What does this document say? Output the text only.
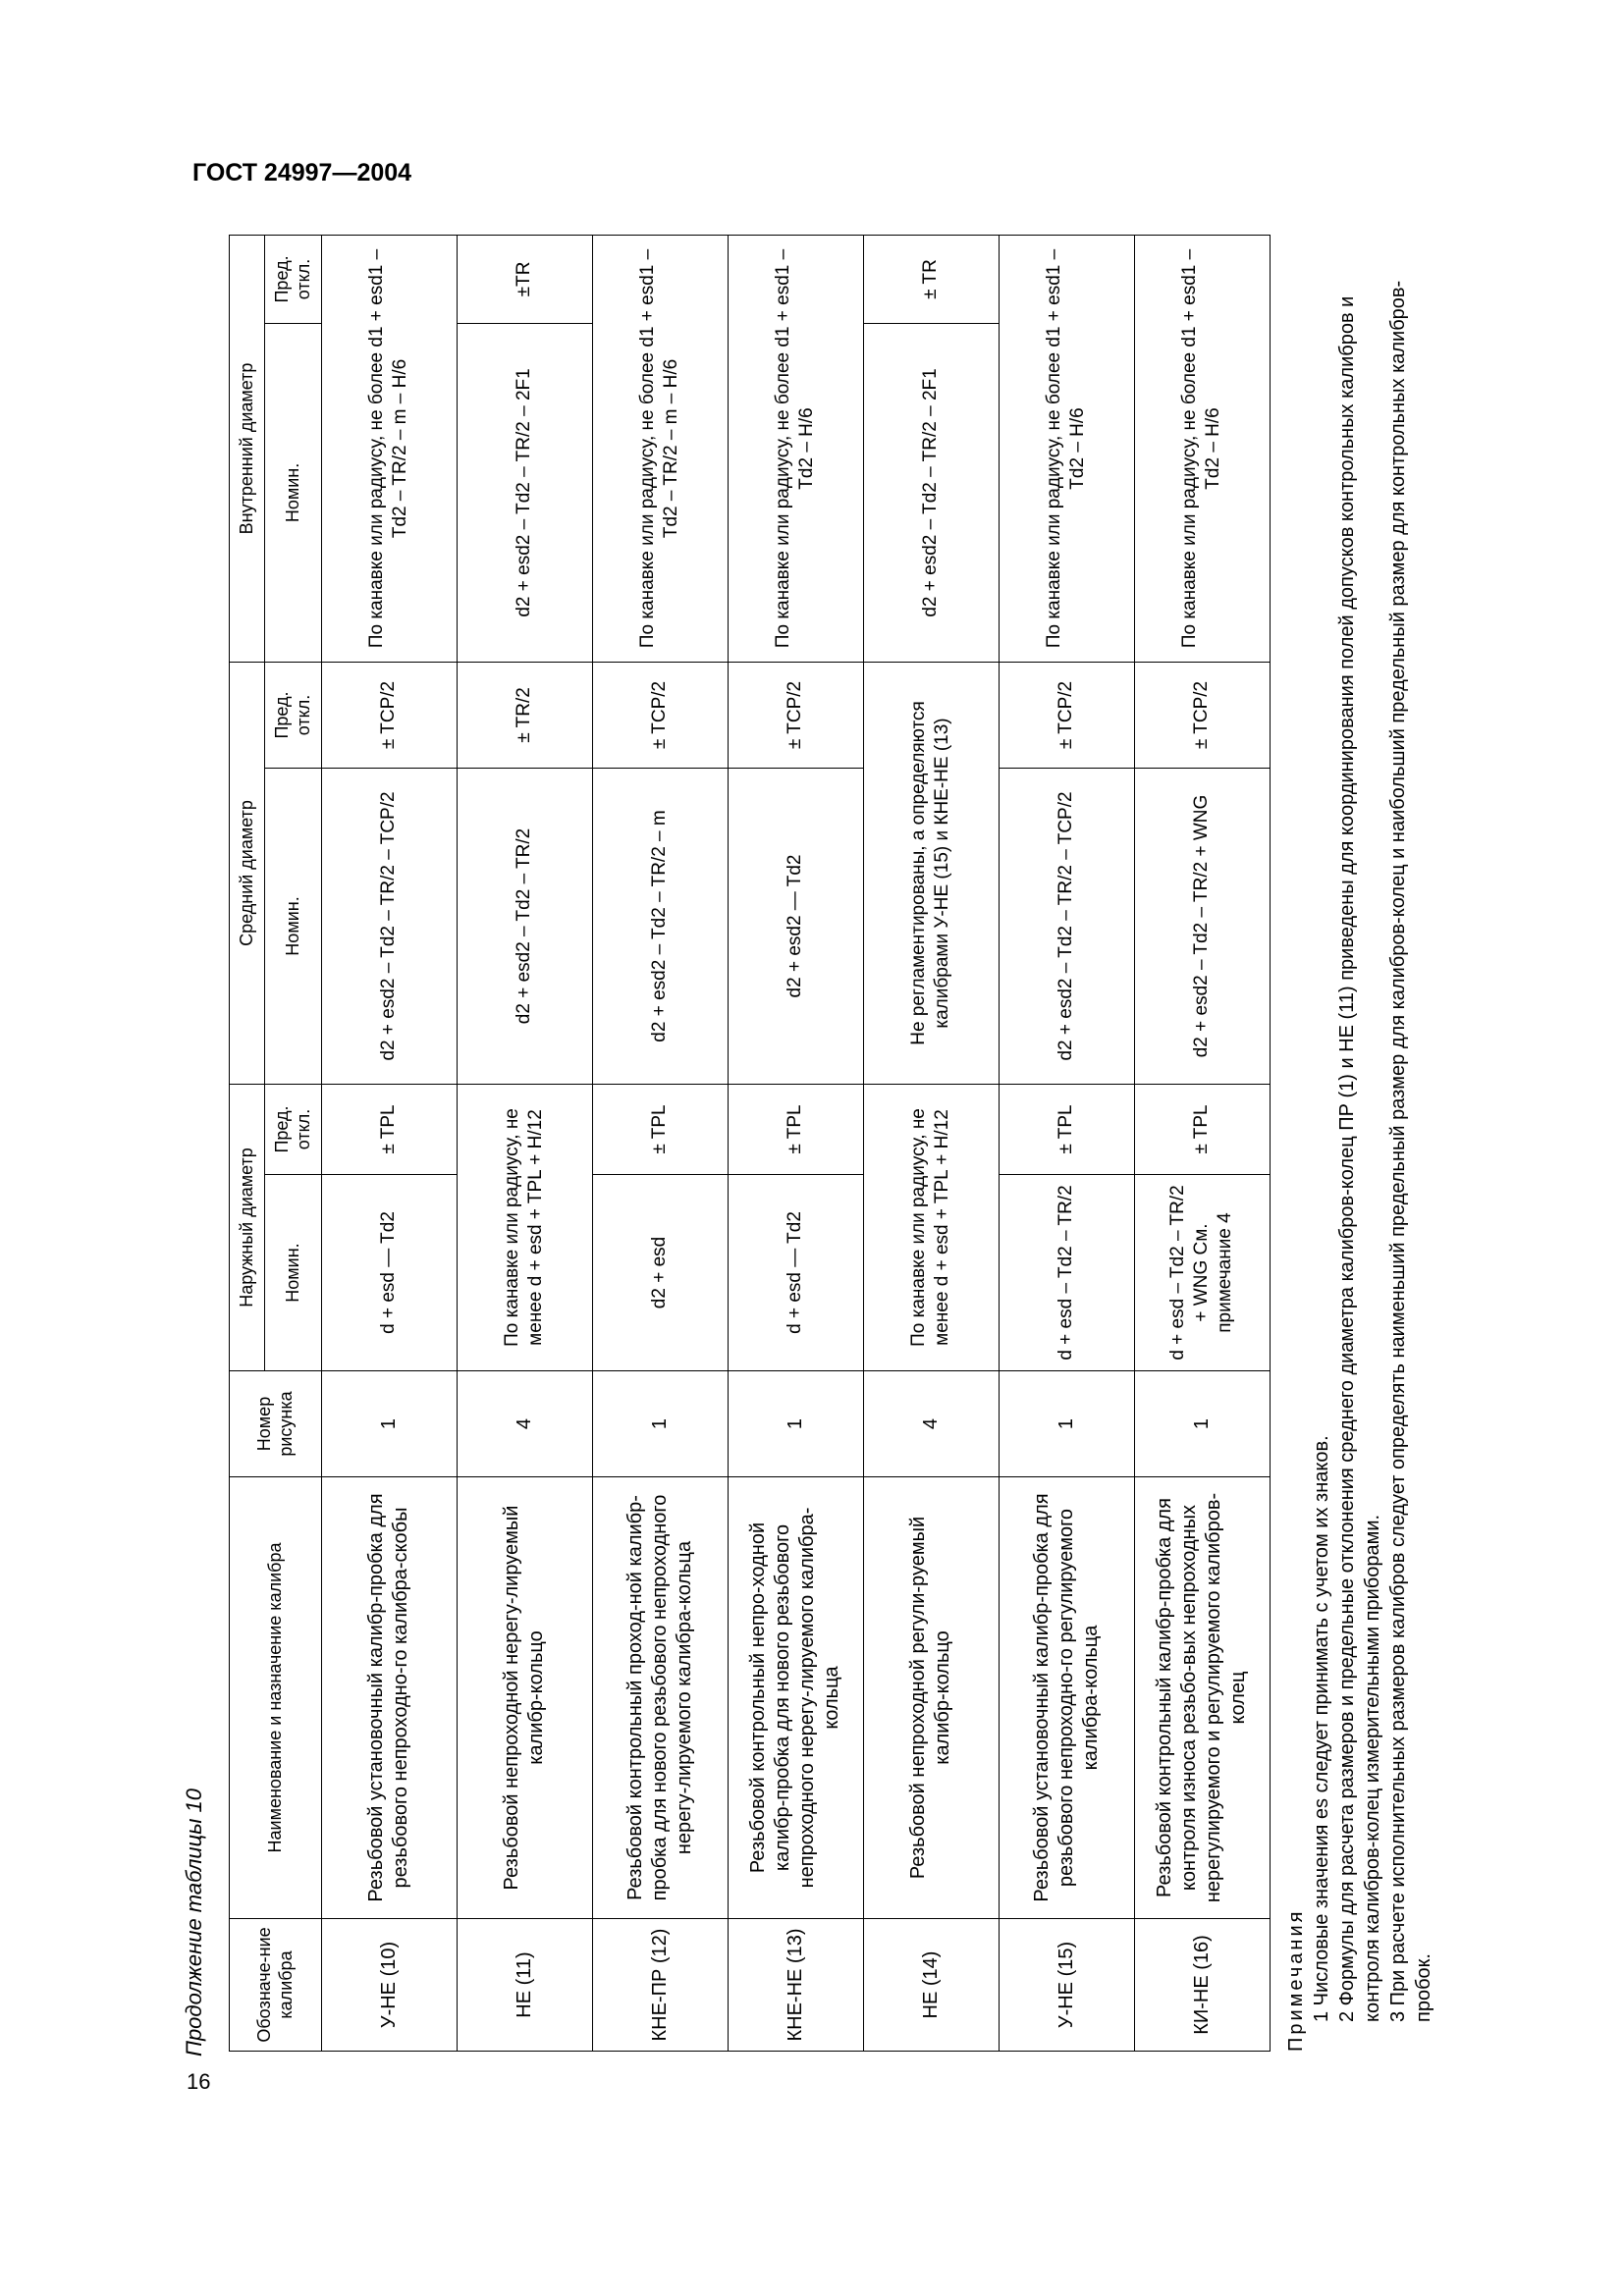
ГОСТ 24997—2004
16
Продолжение таблицы 10	Обозначе-ние калибра	Наименование и назначение калибра	Номер рисунка	Наружный диаметр		Средний диаметр		Внутренний диаметр	
			Номин.	Пред. откл.	Номин.	Пред. откл.	Номин.	Пред. откл.
У-НЕ (10)	Резьбовой установочный калибр-пробка для резьбового непроходно-го калибра-скобы	1	d + esd — Td2	± TPL	d2 + esd2 – Td2 – TR/2 – TCP/2	± TCP/2	По канавке или радиусу, не более d1 + esd1 – Td2 – TR/2 – m – H/6	
НЕ (11)	Резьбовой непроходной нерегу-лируемый калибр-кольцо	4	По канавке или радиусу, не менее d + esd + TPL + H/12		d2 + esd2 – Td2 – TR/2	± TR/2	d2 + esd2 – Td2 – TR/2 – 2F1	±TR
КНЕ-ПР (12)	Резьбовой контрольный проход-ной калибр-пробка для нового резьбового непроходного нерегу-лируемого калибра-кольца	1	d2 + esd	± TPL	d2 + esd2 – Td2 – TR/2 – m	± TCP/2	По канавке или радиусу, не более d1 + esd1 – Td2 – TR/2 – m – H/6	
КНЕ-НЕ (13)	Резьбовой контрольный непро-ходной калибр-пробка для нового резьбового непроходного нерегу-лируемого калибра-кольца	1	d + esd — Td2	± TPL	d2 + esd2 — Td2	± TCP/2	По канавке или радиусу, не более d1 + esd1 – Td2 – H/6	
НЕ (14)	Резьбовой непроходной регули-руемый калибр-кольцо	4	По канавке или радиусу, не менее d + esd + TPL + H/12		Не регламентированы, а определяются калибрами У-НЕ (15) и КНЕ-НЕ (13)		d2 + esd2 – Td2 – TR/2 – 2F1	± TR
У-НЕ (15)	Резьбовой установочный калибр-пробка для резьбового непроходно-го регулируемого калибра-кольца	1	d + esd – Td2 – TR/2	± TPL	d2 + esd2 – Td2 – TR/2 – TCP/2	± TCP/2	По канавке или радиусу, не более d1 + esd1 – Td2 – H/6	
КИ-НЕ (16)	Резьбовой контрольный калибр-пробка для контроля износа резьбо-вых непроходных нерегулируемого и регулируемого калибров-колец	1	d + esd – Td2 – TR/2 + WNG См. примечание 4	± TPL	d2 + esd2 – Td2 – TR/2 + WNG	± TCP/2	По канавке или радиусу, не более d1 + esd1 – Td2 – H/6	
Примечания 1 Числовые значения es следует принимать с учетом их знаков. 2 Формулы для расчета размеров и предельные отклонения среднего диаметра калибров-колец ПР (1) и НЕ (11) приведены для координирования полей допусков контрольных калибров и контроля калибров-колец измерительными приборами. 3 При расчете исполнительных размеров калибров следует определять наименьший предельный размер для калибров-колец и наибольший предельный размер для контрольных калибров-пробок.
